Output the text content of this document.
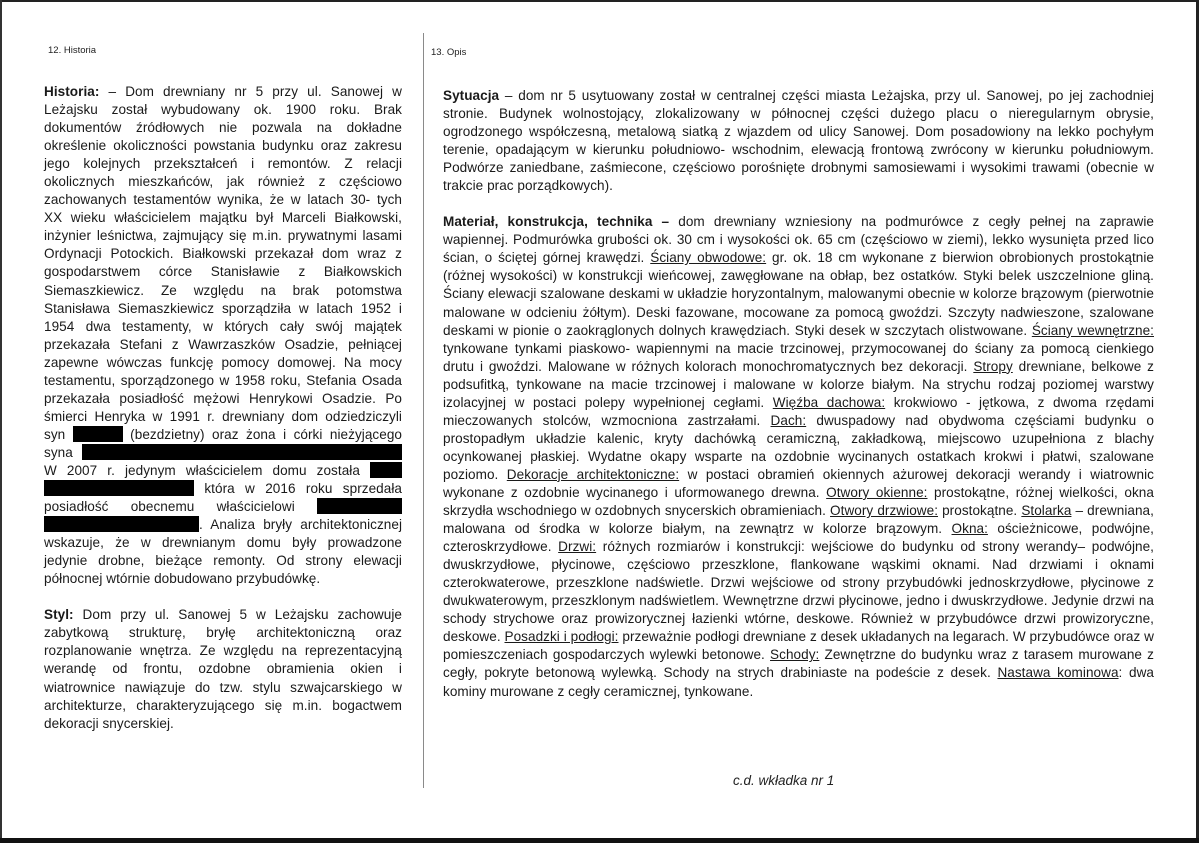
12. Historia	13. Opis

Historia: – Dom drewniany nr 5 przy ul. Sanowej w Leżajsku został wybudowany ok. 1900 roku. Brak dokumentów źródłowych nie pozwala na dokładne określenie okoliczności powstania budynku oraz zakresu jego kolejnych przekształceń i remontów. Z relacji okolicznych mieszkańców, jak również z częściowo zachowanych testamentów wynika, że w latach 30- tych XX wieku właścicielem majątku był Marceli Białkowski, inżynier leśnictwa, zajmujący się m.in. prywatnymi lasami Ordynacji Potockich. Białkowski przekazał dom wraz z gospodarstwem córce Stanisławie z Białkowskich Siemaszkiewicz. Ze względu na brak potomstwa Stanisława Siemaszkiewicz sporządziła w latach 1952 i 1954 dwa testamenty, w których cały swój majątek przekazała Stefani z Wawrzaszków Osadzie, pełniącej zapewne wówczas funkcję pomocy domowej. Na mocy testamentu, sporządzonego w 1958 roku, Stefania Osada przekazała posiadłość mężowi Henrykowi Osadzie. Po śmierci Henryka w 1991 r. drewniany dom odziedziczyli syn	(bezdzietny) oraz żona i córki nieżyjącego syna  W 2007 r. jedynym właścicielem domu została   która w 2016 roku sprzedała posiadłość obecnemu właścicielowi  . Analiza bryły architektonicznej wskazuje, że w drewnianym domu były prowadzone jedynie drobne, bieżące remonty. Od strony elewacji północnej wtórnie dobudowano przybudówkę.

Styl: Dom przy ul. Sanowej 5 w Leżajsku zachowuje zabytkową strukturę, bryłę architektoniczną oraz rozplanowanie wnętrza. Ze względu na reprezentacyjną werandę od frontu, ozdobne obramienia okien i wiatrownice nawiązuje do tzw. stylu szwajcarskiego w architekturze, charakteryzującego się m.in. bogactwem dekoracji snycerskiej.

Sytuacja – dom nr 5 usytuowany został w centralnej części miasta Leżajska, przy ul. Sanowej, po jej zachodniej stronie. Budynek wolnostojący, zlokalizowany w północnej części dużego placu o nieregularnym obrysie, ogrodzonego współczesną, metalową siatką z wjazdem od ulicy Sanowej. Dom posadowiony na lekko pochyłym terenie, opadającym w kierunku południowo- wschodnim, elewacją frontową zwrócony w kierunku południowym. Podwórze zaniedbane, zaśmiecone, częściowo porośnięte drobnymi samosiewami i wysokimi trawami (obecnie w trakcie prac porządkowych).

Materiał, konstrukcja, technika – dom drewniany wzniesiony na podmurówce z cegły pełnej na zaprawie wapiennej. Podmurówka grubości ok. 30 cm i wysokości ok. 65 cm (częściowo w ziemi), lekko wysunięta przed lico ścian, o ściętej górnej krawędzi. Ściany obwodowe: gr. ok. 18 cm wykonane z bierwion obrobionych prostokątnie (różnej wysokości) w konstrukcji wieńcowej, zawęgłowane na obłap, bez ostatków. Styki belek uszczelnione gliną. Ściany elewacji szalowane deskami w układzie horyzontalnym, malowanymi obecnie w kolorze brązowym (pierwotnie malowane w odcieniu żółtym). Deski fazowane, mocowane za pomocą gwoździ. Szczyty nadwieszone, szalowane deskami w pionie o zaokrąglonych dolnych krawędziach. Styki desek w szczytach olistwowane. Ściany wewnętrzne: tynkowane tynkami piaskowo- wapiennymi na macie trzcinowej, przymocowanej do ściany za pomocą cienkiego drutu i gwoździ. Malowane w różnych kolorach monochromatycznych bez dekoracji. Stropy drewniane, belkowe z podsufitką, tynkowane na macie trzcinowej i malowane w kolorze białym. Na strychu rodzaj poziomej warstwy izolacyjnej w postaci polepy wypełnionej cegłami. Więźba dachowa: krokwiowo - jętkowa, z dwoma rzędami mieczowanych stolców, wzmocniona zastrzałami. Dach: dwuspadowy nad obydwoma częściami budynku o prostopadłym układzie kalenic, kryty dachówką ceramiczną, zakładkową, miejscowo uzupełniona z blachy ocynkowanej płaskiej. Wydatne okapy wsparte na ozdobnie wycinanych ostatkach krokwi i płatwi, szalowane poziomo. Dekoracje architektoniczne: w postaci obramień okiennych ażurowej dekoracji werandy i wiatrownic wykonane z ozdobnie wycinanego i uformowanego drewna. Otwory okienne: prostokątne, różnej wielkości, okna skrzydła wschodniego w ozdobnych snycerskich obramieniach. Otwory drzwiowe: prostokątne. Stolarka – drewniana, malowana od środka w kolorze białym, na zewnątrz w kolorze brązowym. Okna: ościeżnicowe, podwójne, czteroskrzydłowe. Drzwi: różnych rozmiarów i konstrukcji: wejściowe do budynku od strony werandy– podwójne, dwuskrzydłowe, płycinowe, częściowo przeszklone, flankowane wąskimi oknami. Nad drzwiami i oknami czterokwaterowe, przeszklone nadświetle. Drzwi wejściowe od strony przybudówki jednoskrzydłowe, płycinowe z dwukwaterowym, przeszklonym nadświetlem. Wewnętrzne drzwi płycinowe, jedno i dwuskrzydłowe. Jedynie drzwi na schody strychowe oraz prowizorycznej łazienki wtórne, deskowe. Również w przybudówce drzwi prowizoryczne, deskowe. Posadzki i podłogi: przeważnie podłogi drewniane z desek układanych na legarach. W przybudówce oraz w pomieszczeniach gospodarczych wylewki betonowe. Schody: Zewnętrzne do budynku wraz z tarasem murowane z cegły, pokryte betonową wylewką. Schody na strych drabiniaste na podeście z desek. Nastawa kominowa: dwa kominy murowane z cegły ceramicznej, tynkowane.

c.d. wkładka nr 1
